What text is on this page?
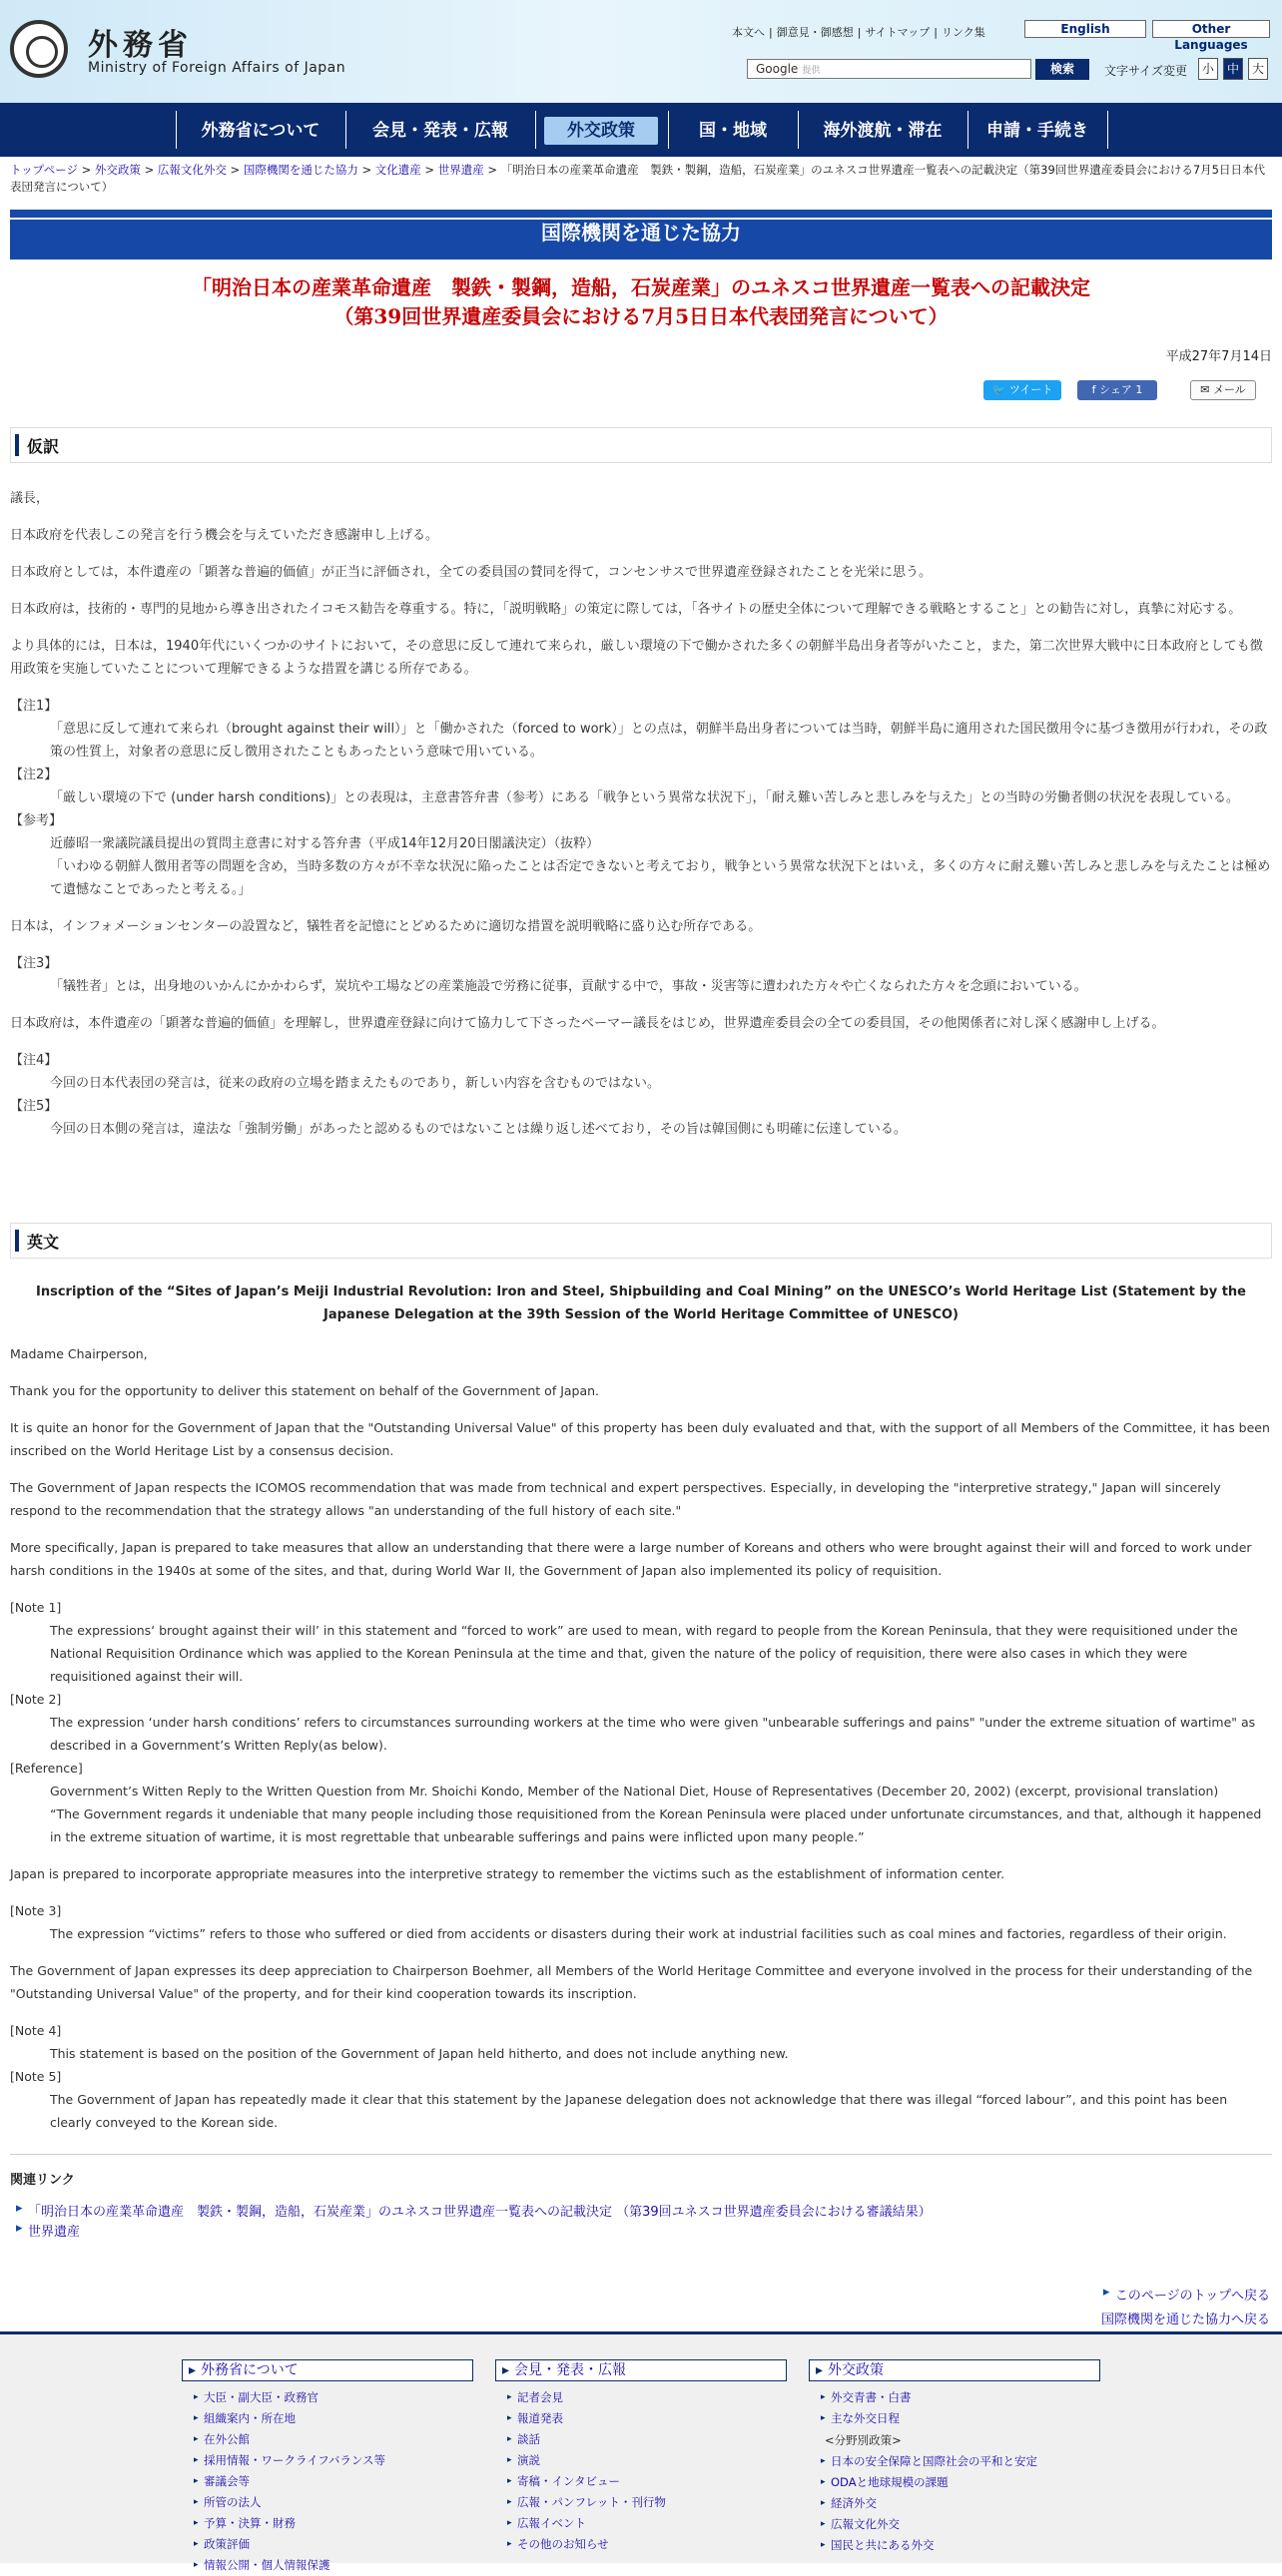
外務省
Ministry of Foreign Affairs of Japan
本文へ | 御意見・御感想 | サイトマップ | リンク集	English	Other Languages
Google 提供	検索	文字サイズ変更	小	中	大
外務省について	会見・発表・広報	外交政策	国・地域	海外渡航・滞在	申請・手続き
トップページ > 外交政策 > 広報文化外交 > 国際機関を通じた協力 > 文化遺産 > 世界遺産 > 「明治日本の産業革命遺産　製鉄・製鋼，造船，石炭産業」のユネスコ世界遺産一覧表への記載決定（第39回世界遺産委員会における7月5日日本代表団発言について）
国際機関を通じた協力
「明治日本の産業革命遺産　製鉄・製鋼，造船，石炭産業」のユネスコ世界遺産一覧表への記載決定
（第39回世界遺産委員会における7月5日日本代表団発言について）
平成27年7月14日
🐦 ツイート	f シェア 1	✉ メール
仮訳

議長，

日本政府を代表しこの発言を行う機会を与えていただき感謝申し上げる。

日本政府としては，本件遺産の「顕著な普遍的価値」が正当に評価され，全ての委員国の賛同を得て，コンセンサスで世界遺産登録されたことを光栄に思う。

日本政府は，技術的・専門的見地から導き出されたイコモス勧告を尊重する。特に，「説明戦略」の策定に際しては，「各サイトの歴史全体について理解できる戦略とすること」との勧告に対し，真摯に対応する。

より具体的には，日本は，1940年代にいくつかのサイトにおいて，その意思に反して連れて来られ，厳しい環境の下で働かされた多くの朝鮮半島出身者等がいたこと，また，第二次世界大戦中に日本政府としても徴用政策を実施していたことについて理解できるような措置を講じる所存である。

【注1】
「意思に反して連れて来られ（brought against their will）」と「働かされた（forced to work）」との点は，朝鮮半島出身者については当時，朝鮮半島に適用された国民徴用令に基づき徴用が行われ，その政策の性質上，対象者の意思に反し徴用されたこともあったという意味で用いている。
【注2】
「厳しい環境の下で (under harsh conditions)」との表現は，主意書答弁書（参考）にある「戦争という異常な状況下」，「耐え難い苦しみと悲しみを与えた」との当時の労働者側の状況を表現している。
【参考】
近藤昭一衆議院議員提出の質問主意書に対する答弁書（平成14年12月20日閣議決定）（抜粋）
「いわゆる朝鮮人徴用者等の問題を含め，当時多数の方々が不幸な状況に陥ったことは否定できないと考えており，戦争という異常な状況下とはいえ，多くの方々に耐え難い苦しみと悲しみを与えたことは極めて遺憾なことであったと考える。」

日本は，インフォメーションセンターの設置など，犠牲者を記憶にとどめるために適切な措置を説明戦略に盛り込む所存である。

【注3】
「犠牲者」とは，出身地のいかんにかかわらず，炭坑や工場などの産業施設で労務に従事，貢献する中で，事故・災害等に遭われた方々や亡くなられた方々を念頭においている。

日本政府は，本件遺産の「顕著な普遍的価値」を理解し，世界遺産登録に向けて協力して下さったベーマー議長をはじめ，世界遺産委員会の全ての委員国，その他関係者に対し深く感謝申し上げる。

【注4】
今回の日本代表団の発言は，従来の政府の立場を踏まえたものであり，新しい内容を含むものではない。
【注5】
今回の日本側の発言は，違法な「強制労働」があったと認めるものではないことは繰り返し述べており，その旨は韓国側にも明確に伝達している。
英文
Inscription of the “Sites of Japan’s Meiji Industrial Revolution: Iron and Steel, Shipbuilding and Coal Mining” on the UNESCO’s World Heritage List (Statement by the Japanese Delegation at the 39th Session of the World Heritage Committee of UNESCO)

Madame Chairperson,

Thank you for the opportunity to deliver this statement on behalf of the Government of Japan.

It is quite an honor for the Government of Japan that the "Outstanding Universal Value" of this property has been duly evaluated and that, with the support of all Members of the Committee, it has been inscribed on the World Heritage List by a consensus decision.

The Government of Japan respects the ICOMOS recommendation that was made from technical and expert perspectives. Especially, in developing the "interpretive strategy," Japan will sincerely respond to the recommendation that the strategy allows "an understanding of the full history of each site."

More specifically, Japan is prepared to take measures that allow an understanding that there were a large number of Koreans and others who were brought against their will and forced to work under harsh conditions in the 1940s at some of the sites, and that, during World War II, the Government of Japan also implemented its policy of requisition.

[Note 1]
The expressions‘ brought against their will’ in this statement and “forced to work” are used to mean, with regard to people from the Korean Peninsula, that they were requisitioned under the National Requisition Ordinance which was applied to the Korean Peninsula at the time and that, given the nature of the policy of requisition, there were also cases in which they were requisitioned against their will.
[Note 2]
The expression ‘under harsh conditions’ refers to circumstances surrounding workers at the time who were given "unbearable sufferings and pains" "under the extreme situation of wartime" as described in a Government’s Written Reply(as below).
[Reference]
Government’s Witten Reply to the Written Question from Mr. Shoichi Kondo, Member of the National Diet, House of Representatives (December 20, 2002) (excerpt, provisional translation)
“The Government regards it undeniable that many people including those requisitioned from the Korean Peninsula were placed under unfortunate circumstances, and that, although it happened in the extreme situation of wartime, it is most regrettable that unbearable sufferings and pains were inflicted upon many people.”

Japan is prepared to incorporate appropriate measures into the interpretive strategy to remember the victims such as the establishment of information center.

[Note 3]
The expression “victims” refers to those who suffered or died from accidents or disasters during their work at industrial facilities such as coal mines and factories, regardless of their origin.

The Government of Japan expresses its deep appreciation to Chairperson Boehmer, all Members of the World Heritage Committee and everyone involved in the process for their understanding of the "Outstanding Universal Value" of the property, and for their kind cooperation towards its inscription.

[Note 4]
This statement is based on the position of the Government of Japan held hitherto, and does not include anything new.
[Note 5]
The Government of Japan has repeatedly made it clear that this statement by the Japanese delegation does not acknowledge that there was illegal “forced labour”, and this point has been clearly conveyed to the Korean side.
関連リンク
▸ 「明治日本の産業革命遺産　製鉄・製鋼，造船，石炭産業」のユネスコ世界遺産一覧表への記載決定 （第39回ユネスコ世界遺産委員会における審議結果）
▸ 世界遺産
▸ このページのトップへ戻る
国際機関を通じた協力へ戻る
▸ 外務省について
▸ 大臣・副大臣・政務官
▸ 組織案内・所在地
▸ 在外公館
▸ 採用情報・ワークライフバランス等
▸ 審議会等
▸ 所管の法人
▸ 予算・決算・財務
▸ 政策評価
▸ 情報公開・個人情報保護
▸ 会見・発表・広報
▸ 記者会見
▸ 報道発表
▸ 談話
▸ 演説
▸ 寄稿・インタビュー
▸ 広報・パンフレット・刊行物
▸ 広報イベント
▸ その他のお知らせ
▸ 外交政策
▸ 外交青書・白書
▸ 主な外交日程
<分野別政策>
▸ 日本の安全保障と国際社会の平和と安定
▸ ODAと地球規模の課題
▸ 経済外交
▸ 広報文化外交
▸ 国民と共にある外交
